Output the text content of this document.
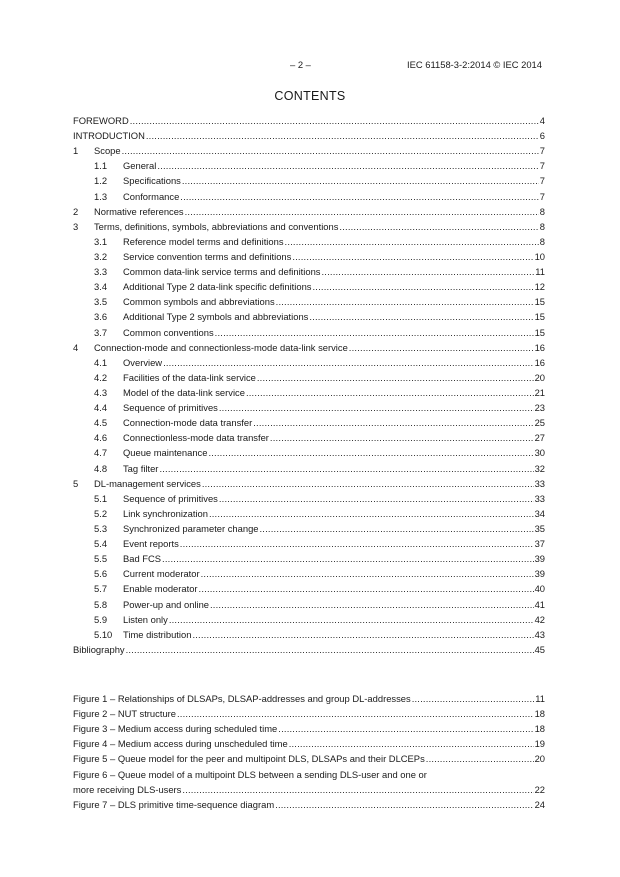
– 2 –	IEC 61158-3-2:2014 © IEC 2014
CONTENTS
FOREWORD .....	4
INTRODUCTION .....	6
1	Scope .....	7
1.1	General .....	7
1.2	Specifications .....	7
1.3	Conformance .....	7
2	Normative references .....	8
3	Terms, definitions, symbols, abbreviations and conventions .....	8
3.1	Reference model terms and definitions .....	8
3.2	Service convention terms and definitions .....	10
3.3	Common data-link service terms and definitions .....	11
3.4	Additional Type 2 data-link specific definitions .....	12
3.5	Common symbols and abbreviations .....	15
3.6	Additional Type 2 symbols and abbreviations .....	15
3.7	Common conventions .....	15
4	Connection-mode and connectionless-mode data-link service .....	16
4.1	Overview .....	16
4.2	Facilities of the data-link service .....	20
4.3	Model of the data-link service .....	21
4.4	Sequence of primitives .....	23
4.5	Connection-mode data transfer .....	25
4.6	Connectionless-mode data transfer .....	27
4.7	Queue maintenance .....	30
4.8	Tag filter .....	32
5	DL-management services .....	33
5.1	Sequence of primitives .....	33
5.2	Link synchronization .....	34
5.3	Synchronized parameter change .....	35
5.4	Event reports .....	37
5.5	Bad FCS .....	39
5.6	Current moderator .....	39
5.7	Enable moderator .....	40
5.8	Power-up and online .....	41
5.9	Listen only .....	42
5.10	Time distribution .....	43
Bibliography .....	45
Figure 1 – Relationships of DLSAPs, DLSAP-addresses and group DL-addresses .....	11
Figure 2 – NUT structure .....	18
Figure 3 – Medium access during scheduled time .....	18
Figure 4 – Medium access during unscheduled time .....	19
Figure 5 – Queue model for the peer and multipoint DLS, DLSAPs and their DLCEPs .....	20
Figure 6 – Queue model of a multipoint DLS between a sending DLS-user and one or
more receiving DLS-users .....	22
Figure 7 – DLS primitive time-sequence diagram .....	24
